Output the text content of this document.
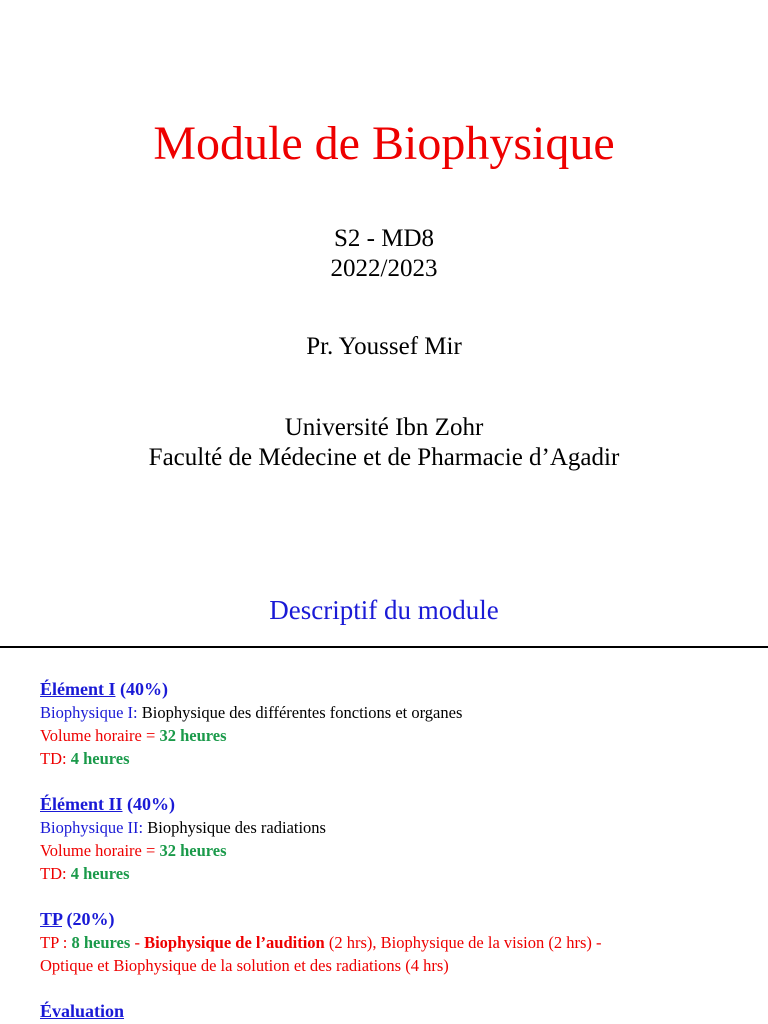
Module de Biophysique
S2 - MD8
2022/2023
Pr. Youssef Mir
Université Ibn Zohr
Faculté de Médecine et de Pharmacie d’Agadir
Descriptif du module
Élément I (40%)
Biophysique I: Biophysique des différentes fonctions et organes
Volume horaire = 32 heures
TD: 4 heures
Élément II (40%)
Biophysique II: Biophysique des radiations
Volume horaire = 32 heures
TD: 4 heures
TP (20%)
TP : 8 heures - Biophysique de l’audition (2 hrs), Biophysique de la vision (2 hrs) -
Optique et Biophysique de la solution et des radiations (4 hrs)
Évaluation
